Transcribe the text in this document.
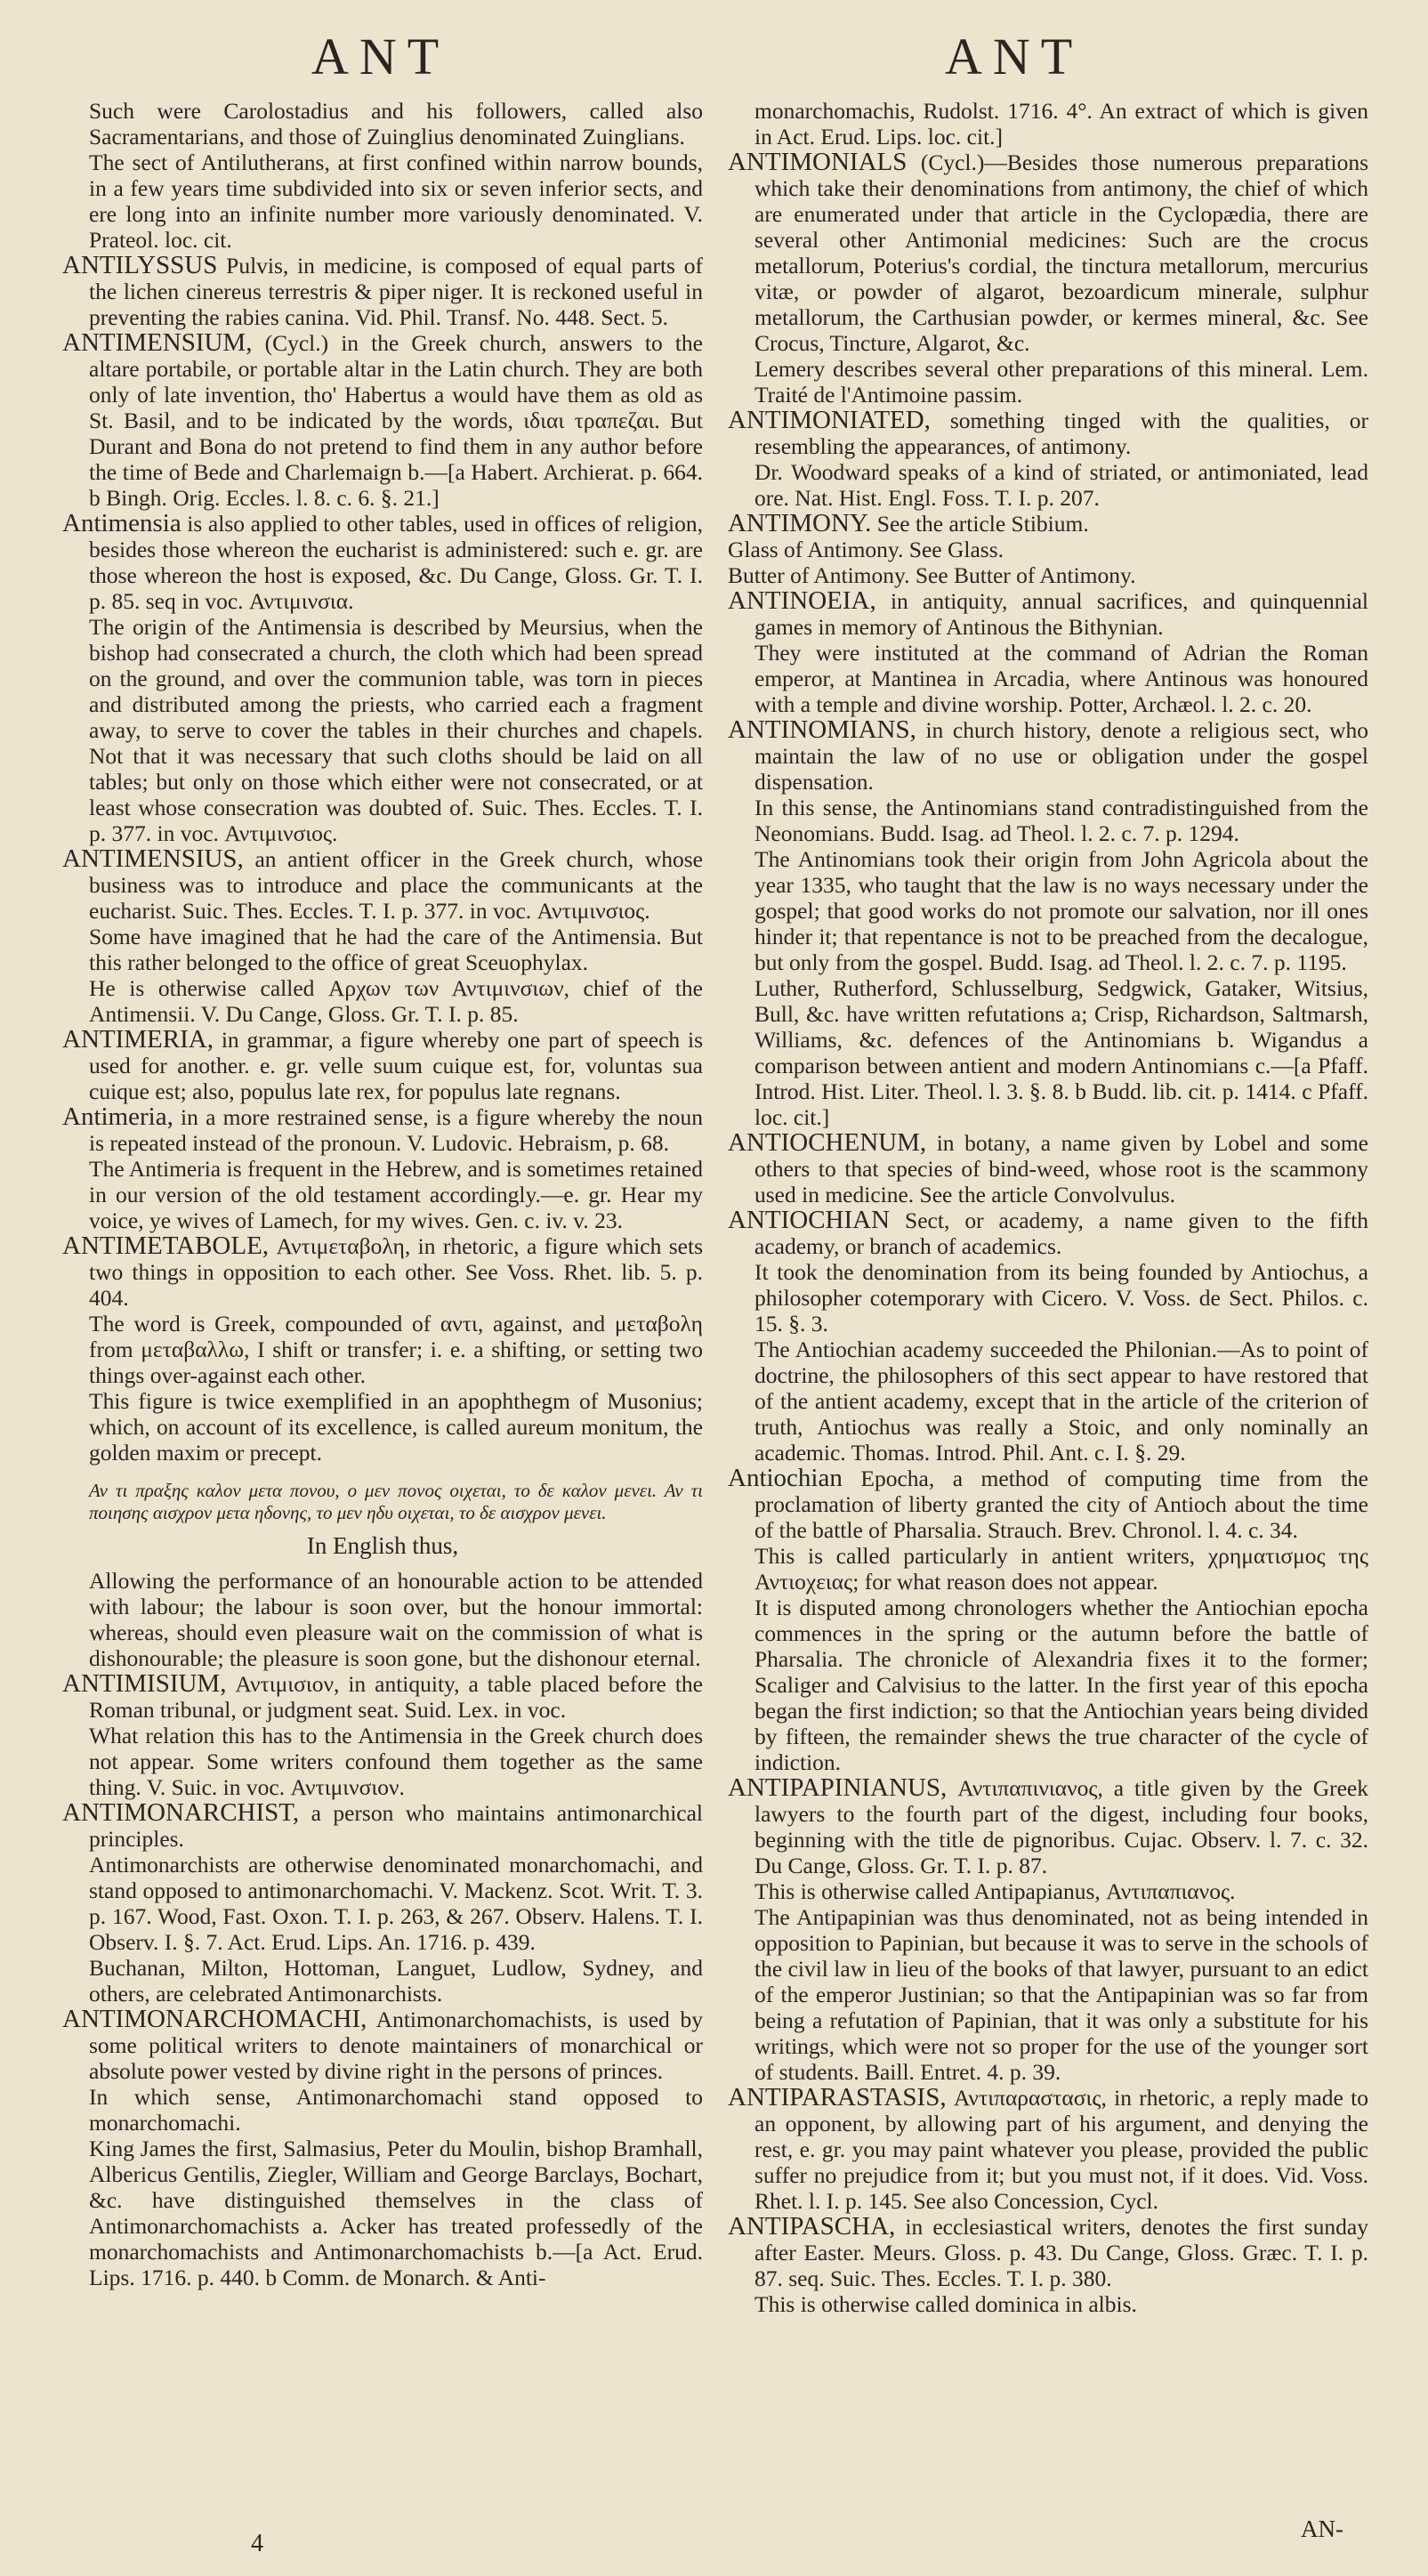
ANT	ANT

Such were Carolostadius and his followers, called also Sacramentarians, and those of Zuinglius denominated Zuinglians.

The sect of Antilutherans, at first confined within narrow bounds, in a few years time subdivided into six or seven inferior sects, and ere long into an infinite number more variously denominated. V. Prateol. loc. cit.

ANTILYSSUS Pulvis, in medicine, is composed of equal parts of the lichen cinereus terrestris & piper niger. It is reckoned useful in preventing the rabies canina. Vid. Phil. Transf. No. 448. Sect. 5.

ANTIMENSIUM, (Cycl.) in the Greek church, answers to the altare portabile, or portable altar in the Latin church. They are both only of late invention, tho' Habertus a would have them as old as St. Basil, and to be indicated by the words, ιδιαι τραπεζαι. But Durant and Bona do not pretend to find them in any author before the time of Bede and Charlemaign b.—[a Habert. Archierat. p. 664. b Bingh. Orig. Eccles. l. 8. c. 6. §. 21.]

Antimensia is also applied to other tables, used in offices of religion, besides those whereon the eucharist is administered: such e. gr. are those whereon the host is exposed, &c. Du Cange, Gloss. Gr. T. I. p. 85. seq in voc. Αντιμινσια.

The origin of the Antimensia is described by Meursius, when the bishop had consecrated a church, the cloth which had been spread on the ground, and over the communion table, was torn in pieces and distributed among the priests, who carried each a fragment away, to serve to cover the tables in their churches and chapels. Not that it was necessary that such cloths should be laid on all tables; but only on those which either were not consecrated, or at least whose consecration was doubted of. Suic. Thes. Eccles. T. I. p. 377. in voc. Αντιμινσιος.

ANTIMENSIUS, an antient officer in the Greek church, whose business was to introduce and place the communicants at the eucharist. Suic. Thes. Eccles. T. I. p. 377. in voc. Αντιμινσιος.

Some have imagined that he had the care of the Antimensia. But this rather belonged to the office of great Sceuophylax.

He is otherwise called Αρχων των Αντιμινσιων, chief of the Antimensii. V. Du Cange, Gloss. Gr. T. I. p. 85.

ANTIMERIA, in grammar, a figure whereby one part of speech is used for another. e. gr. velle suum cuique est, for, voluntas sua cuique est; also, populus late rex, for populus late regnans.

Antimeria, in a more restrained sense, is a figure whereby the noun is repeated instead of the pronoun. V. Ludovic. Hebraism, p. 68.

The Antimeria is frequent in the Hebrew, and is sometimes retained in our version of the old testament accordingly.—e. gr. Hear my voice, ye wives of Lamech, for my wives. Gen. c. iv. v. 23.

ANTIMETABOLE, Αντιμεταβολη, in rhetoric, a figure which sets two things in opposition to each other. See Voss. Rhet. lib. 5. p. 404.

The word is Greek, compounded of αντι, against, and μεταβολη from μεταβαλλω, I shift or transfer; i. e. a shifting, or setting two things over-against each other.

This figure is twice exemplified in an apophthegm of Musonius; which, on account of its excellence, is called aureum monitum, the golden maxim or precept.

Αν τι πραξης καλον μετα πονου, ο μεν πονος οιχεται, το δε καλον μενει. Αν τι ποιησης αισχρον μετα ηδονης, το μεν ηδυ οιχεται, το δε αισχρον μενει.

In English thus,

Allowing the performance of an honourable action to be attended with labour; the labour is soon over, but the honour immortal: whereas, should even pleasure wait on the commission of what is dishonourable; the pleasure is soon gone, but the dishonour eternal.

ANTIMISIUM, Αντιμισιον, in antiquity, a table placed before the Roman tribunal, or judgment seat. Suid. Lex. in voc.

What relation this has to the Antimensia in the Greek church does not appear. Some writers confound them together as the same thing. V. Suic. in voc. Αντιμινσιον.

ANTIMONARCHIST, a person who maintains antimonarchical principles.

Antimonarchists are otherwise denominated monarchomachi, and stand opposed to antimonarchomachi. V. Mackenz. Scot. Writ. T. 3. p. 167. Wood, Fast. Oxon. T. I. p. 263, & 267. Observ. Halens. T. I. Observ. I. §. 7. Act. Erud. Lips. An. 1716. p. 439.

Buchanan, Milton, Hottoman, Languet, Ludlow, Sydney, and others, are celebrated Antimonarchists.

ANTIMONARCHOMACHI, Antimonarchomachists, is used by some political writers to denote maintainers of monarchical or absolute power vested by divine right in the persons of princes.

In which sense, Antimonarchomachi stand opposed to monarchomachi.

King James the first, Salmasius, Peter du Moulin, bishop Bramhall, Albericus Gentilis, Ziegler, William and George Barclays, Bochart, &c. have distinguished themselves in the class of Antimonarchomachists a. Acker has treated professedly of the monarchomachists and Antimonarchomachists b.—[a Act. Erud. Lips. 1716. p. 440. b Comm. de Monarch. & Anti-

monarchomachis, Rudolst. 1716. 4°. An extract of which is given in Act. Erud. Lips. loc. cit.]

ANTIMONIALS (Cycl.)—Besides those numerous preparations which take their denominations from antimony, the chief of which are enumerated under that article in the Cyclopædia, there are several other Antimonial medicines: Such are the crocus metallorum, Poterius's cordial, the tinctura metallorum, mercurius vitæ, or powder of algarot, bezoardicum minerale, sulphur metallorum, the Carthusian powder, or kermes mineral, &c. See Crocus, Tincture, Algarot, &c.

Lemery describes several other preparations of this mineral. Lem. Traité de l'Antimoine passim.

ANTIMONIATED, something tinged with the qualities, or resembling the appearances, of antimony.

Dr. Woodward speaks of a kind of striated, or antimoniated, lead ore. Nat. Hist. Engl. Foss. T. I. p. 207.

ANTIMONY. See the article Stibium.

Glass of Antimony. See Glass.

Butter of Antimony. See Butter of Antimony.

ANTINOEIA, in antiquity, annual sacrifices, and quinquennial games in memory of Antinous the Bithynian.

They were instituted at the command of Adrian the Roman emperor, at Mantinea in Arcadia, where Antinous was honoured with a temple and divine worship. Potter, Archæol. l. 2. c. 20.

ANTINOMIANS, in church history, denote a religious sect, who maintain the law of no use or obligation under the gospel dispensation.

In this sense, the Antinomians stand contradistinguished from the Neonomians. Budd. Isag. ad Theol. l. 2. c. 7. p. 1294.

The Antinomians took their origin from John Agricola about the year 1335, who taught that the law is no ways necessary under the gospel; that good works do not promote our salvation, nor ill ones hinder it; that repentance is not to be preached from the decalogue, but only from the gospel. Budd. Isag. ad Theol. l. 2. c. 7. p. 1195.

Luther, Rutherford, Schlusselburg, Sedgwick, Gataker, Witsius, Bull, &c. have written refutations a; Crisp, Richardson, Saltmarsh, Williams, &c. defences of the Antinomians b. Wigandus a comparison between antient and modern Antinomians c.—[a Pfaff. Introd. Hist. Liter. Theol. l. 3. §. 8. b Budd. lib. cit. p. 1414. c Pfaff. loc. cit.]

ANTIOCHENUM, in botany, a name given by Lobel and some others to that species of bind-weed, whose root is the scammony used in medicine. See the article Convolvulus.

ANTIOCHIAN Sect, or academy, a name given to the fifth academy, or branch of academics.

It took the denomination from its being founded by Antiochus, a philosopher cotemporary with Cicero. V. Voss. de Sect. Philos. c. 15. §. 3.

The Antiochian academy succeeded the Philonian.—As to point of doctrine, the philosophers of this sect appear to have restored that of the antient academy, except that in the article of the criterion of truth, Antiochus was really a Stoic, and only nominally an academic. Thomas. Introd. Phil. Ant. c. I. §. 29.

Antiochian Epocha, a method of computing time from the proclamation of liberty granted the city of Antioch about the time of the battle of Pharsalia. Strauch. Brev. Chronol. l. 4. c. 34.

This is called particularly in antient writers, χρηματισμος της Αντιοχειας; for what reason does not appear.

It is disputed among chronologers whether the Antiochian epocha commences in the spring or the autumn before the battle of Pharsalia. The chronicle of Alexandria fixes it to the former; Scaliger and Calvisius to the latter. In the first year of this epocha began the first indiction; so that the Antiochian years being divided by fifteen, the remainder shews the true character of the cycle of indiction.

ANTIPAPINIANUS, Αντιπαπινιανος, a title given by the Greek lawyers to the fourth part of the digest, including four books, beginning with the title de pignoribus. Cujac. Observ. l. 7. c. 32. Du Cange, Gloss. Gr. T. I. p. 87.

This is otherwise called Antipapianus, Αντιπαπιανος.

The Antipapinian was thus denominated, not as being intended in opposition to Papinian, but because it was to serve in the schools of the civil law in lieu of the books of that lawyer, pursuant to an edict of the emperor Justinian; so that the Antipapinian was so far from being a refutation of Papinian, that it was only a substitute for his writings, which were not so proper for the use of the younger sort of students. Baill. Entret. 4. p. 39.

ANTIPARASTASIS, Αντιπαραστασις, in rhetoric, a reply made to an opponent, by allowing part of his argument, and denying the rest, e. gr. you may paint whatever you please, provided the public suffer no prejudice from it; but you must not, if it does. Vid. Voss. Rhet. l. I. p. 145. See also Concession, Cycl.

ANTIPASCHA, in ecclesiastical writers, denotes the first sunday after Easter. Meurs. Gloss. p. 43. Du Cange, Gloss. Græc. T. I. p. 87. seq. Suic. Thes. Eccles. T. I. p. 380.

This is otherwise called dominica in albis.

4
AN-
